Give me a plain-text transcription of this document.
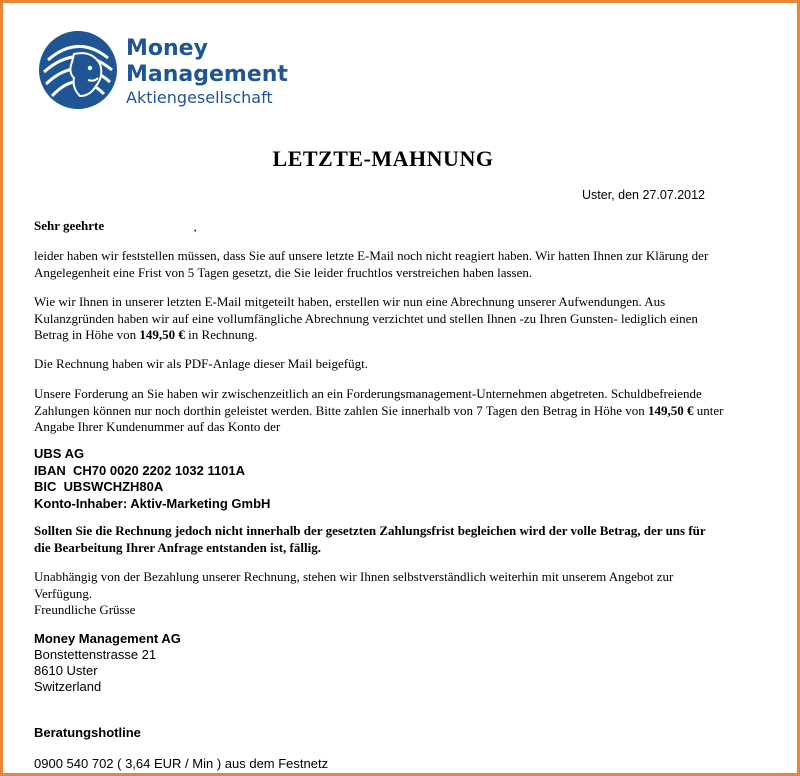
Money
Management
Aktiengesellschaft
LETZTE-MAHNUNG
Uster, den 27.07.2012
Sehr geehrte	,
leider haben wir feststellen müssen, dass Sie auf unsere letzte E-Mail noch nicht reagiert haben. Wir hatten Ihnen zur Klärung der Angelegenheit eine Frist von 5 Tagen gesetzt, die Sie leider fruchtlos verstreichen haben lassen.
Wie wir Ihnen in unserer letzten E-Mail mitgeteilt haben, erstellen wir nun eine Abrechnung unserer Aufwendungen. Aus Kulanzgründen haben wir auf eine vollumfängliche Abrechnung verzichtet und stellen Ihnen -zu Ihren Gunsten- lediglich einen Betrag in Höhe von 149,50 € in Rechnung.
Die Rechnung haben wir als PDF-Anlage dieser Mail beigefügt.
Unsere Forderung an Sie haben wir zwischenzeitlich an ein Forderungsmanagement-Unternehmen abgetreten. Schuldbefreiende Zahlungen können nur noch dorthin geleistet werden. Bitte zahlen Sie innerhalb von 7 Tagen den Betrag in Höhe von 149,50 € unter Angabe Ihrer Kundenummer auf das Konto der
UBS AG
IBAN  CH70 0020 2202 1032 1101A
BIC  UBSWCHZH80A
Konto-Inhaber: Aktiv-Marketing GmbH
Sollten Sie die Rechnung jedoch nicht innerhalb der gesetzten Zahlungsfrist begleichen wird der volle Betrag, der uns für die Bearbeitung Ihrer Anfrage entstanden ist, fällig.
Unabhängig von der Bezahlung unserer Rechnung, stehen wir Ihnen selbstverständlich weiterhin mit unserem Angebot zur Verfügung.
Freundliche Grüsse
Money Management AG
Bonstettenstrasse 21
8610 Uster
Switzerland
Beratungshotline
0900 540 702 ( 3,64 EUR / Min ) aus dem Festnetz
